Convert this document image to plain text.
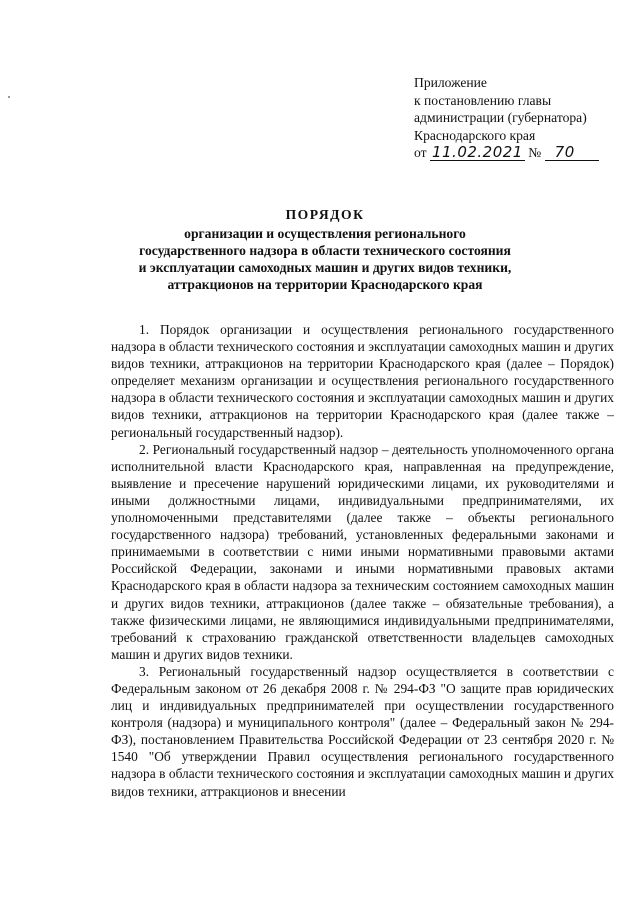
Приложение
к постановлению главы
администрации (губернатора)
Краснодарского края
от 11.02.2021 № 70
ПОРЯДОК
организации и осуществления регионального
государственного надзора в области технического состояния
и эксплуатации самоходных машин и других видов техники,
аттракционов на территории Краснодарского края

1. Порядок организации и осуществления регионального государственного надзора в области технического состояния и эксплуатации самоходных машин и других видов техники, аттракционов на территории Краснодарского края (далее – Порядок) определяет механизм организации и осуществления регионального государственного надзора в области технического состояния и эксплуатации самоходных машин и других видов техники, аттракционов на территории Краснодарского края (далее также – региональный государственный надзор).

2. Региональный государственный надзор – деятельность уполномоченного органа исполнительной власти Краснодарского края, направленная на предупреждение, выявление и пресечение нарушений юридическими лицами, их руководителями и иными должностными лицами, индивидуальными предпринимателями, их уполномоченными представителями (далее также – объекты регионального государственного надзора) требований, установленных федеральными законами и принимаемыми в соответствии с ними иными нормативными правовыми актами Российской Федерации, законами и иными нормативными правовых актами Краснодарского края в области надзора за техническим состоянием самоходных машин и других видов техники, аттракционов (далее также – обязательные требования), а также физическими лицами, не являющимися индивидуальными предпринимателями, требований к страхованию гражданской ответственности владельцев самоходных машин и других видов техники.

3. Региональный государственный надзор осуществляется в соответствии с Федеральным законом от 26 декабря 2008 г. № 294-ФЗ "О защите прав юридических лиц и индивидуальных предпринимателей при осуществлении государственного контроля (надзора) и муниципального контроля" (далее – Федеральный закон № 294-ФЗ), постановлением Правительства Российской Федерации от 23 сентября 2020 г. № 1540 "Об утверждении Правил осуществления регионального государственного надзора в области технического состояния и эксплуатации самоходных машин и других видов техники, аттракционов и внесении
